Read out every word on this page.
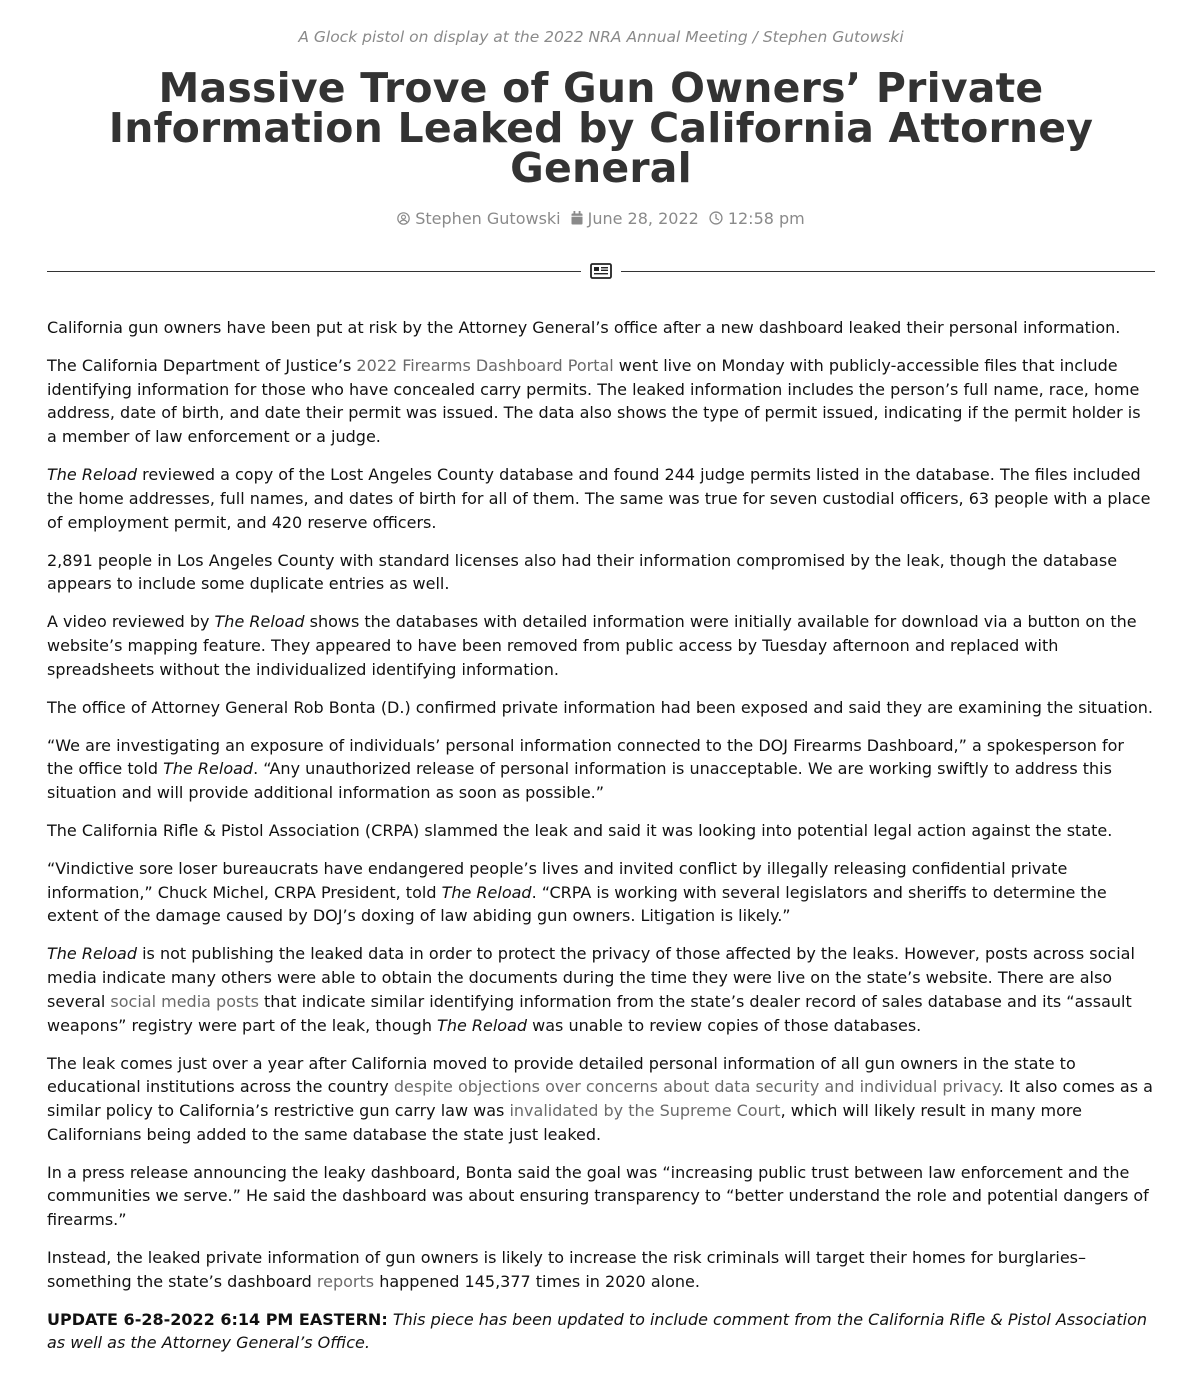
A Glock pistol on display at the 2022 NRA Annual Meeting / Stephen Gutowski
Massive Trove of Gun Owners’ Private Information Leaked by California Attorney General
Stephen Gutowski June 28, 2022 12:58 pm

California gun owners have been put at risk by the Attorney General’s office after a new dashboard leaked their personal information.

The California Department of Justice’s 2022 Firearms Dashboard Portal went live on Monday with publicly-accessible files that include identifying information for those who have concealed carry permits. The leaked information includes the person’s full name, race, home address, date of birth, and date their permit was issued. The data also shows the type of permit issued, indicating if the permit holder is a member of law enforcement or a judge.

The Reload reviewed a copy of the Lost Angeles County database and found 244 judge permits listed in the database. The files included the home addresses, full names, and dates of birth for all of them. The same was true for seven custodial officers, 63 people with a place of employment permit, and 420 reserve officers.

2,891 people in Los Angeles County with standard licenses also had their information compromised by the leak, though the database appears to include some duplicate entries as well.

A video reviewed by The Reload shows the databases with detailed information were initially available for download via a button on the website’s mapping feature. They appeared to have been removed from public access by Tuesday afternoon and replaced with spreadsheets without the individualized identifying information.

The office of Attorney General Rob Bonta (D.) confirmed private information had been exposed and said they are examining the situation.

“We are investigating an exposure of individuals’ personal information connected to the DOJ Firearms Dashboard,” a spokesperson for the office told The Reload. “Any unauthorized release of personal information is unacceptable. We are working swiftly to address this situation and will provide additional information as soon as possible.”

The California Rifle & Pistol Association (CRPA) slammed the leak and said it was looking into potential legal action against the state.

“Vindictive sore loser bureaucrats have endangered people’s lives and invited conflict by illegally releasing confidential private information,” Chuck Michel, CRPA President, told The Reload. “CRPA is working with several legislators and sheriffs to determine the extent of the damage caused by DOJ’s doxing of law abiding gun owners. Litigation is likely.”

The Reload is not publishing the leaked data in order to protect the privacy of those affected by the leaks. However, posts across social media indicate many others were able to obtain the documents during the time they were live on the state’s website. There are also several social media posts that indicate similar identifying information from the state’s dealer record of sales database and its “assault weapons” registry were part of the leak, though The Reload was unable to review copies of those databases.

The leak comes just over a year after California moved to provide detailed personal information of all gun owners in the state to educational institutions across the country despite objections over concerns about data security and individual privacy. It also comes as a similar policy to California’s restrictive gun carry law was invalidated by the Supreme Court, which will likely result in many more Californians being added to the same database the state just leaked.

In a press release announcing the leaky dashboard, Bonta said the goal was “increasing public trust between law enforcement and the communities we serve.” He said the dashboard was about ensuring transparency to “better understand the role and potential dangers of firearms.”

Instead, the leaked private information of gun owners is likely to increase the risk criminals will target their homes for burglaries–something the state’s dashboard reports happened 145,377 times in 2020 alone.

UPDATE 6-28-2022 6:14 PM EASTERN: This piece has been updated to include comment from the California Rifle & Pistol Association as well as the Attorney General’s Office.
